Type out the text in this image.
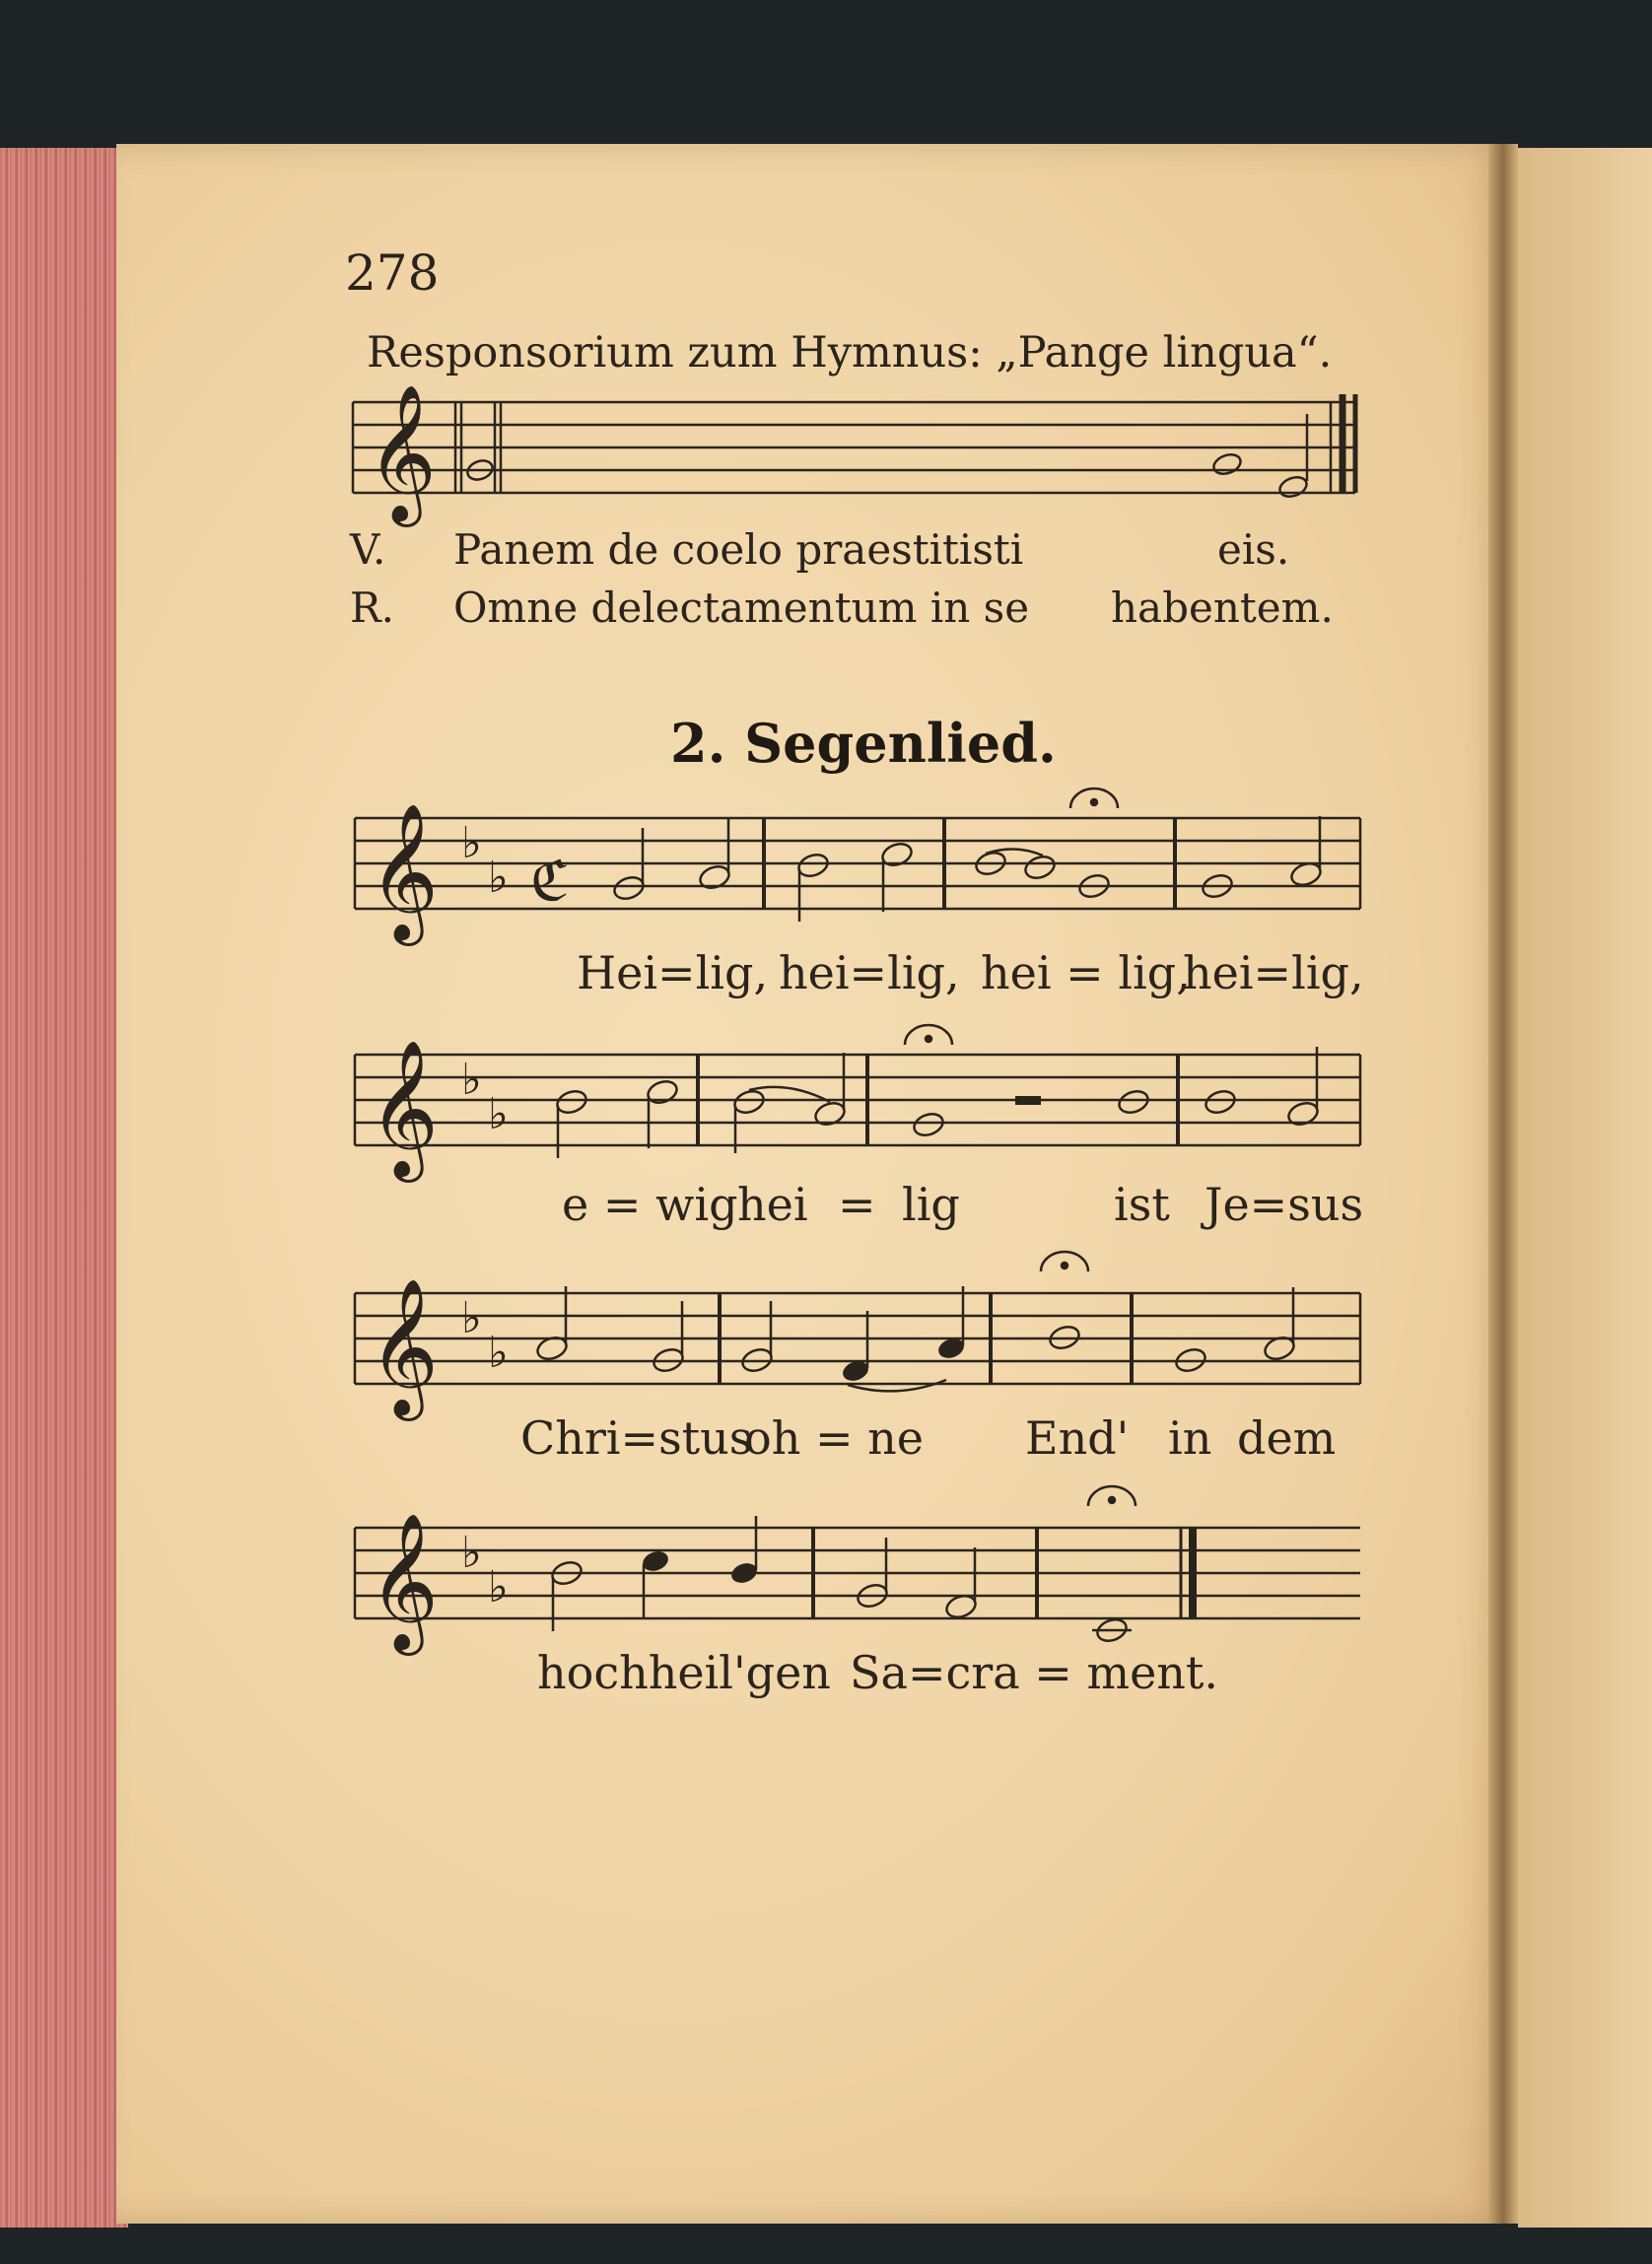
278
Responsorium zum Hymnus: „Pange lingua“.
𝄞
𝄞 ♭
♭ ℭ
𝄞 ♭
♭
𝄞 ♭
♭
𝄞 ♭
♭
V. Panem de coelo praestitisti	eis.
R. Omne delectamentum in se habentem.
2. Segenlied.
Hei=lig, hei=lig, hei = lig,
hei=lig,
e = wig hei = lig	ist Je=sus
Chri=stus
oh = ne End' in dem
hochheil'gen Sa=cra = ment.
